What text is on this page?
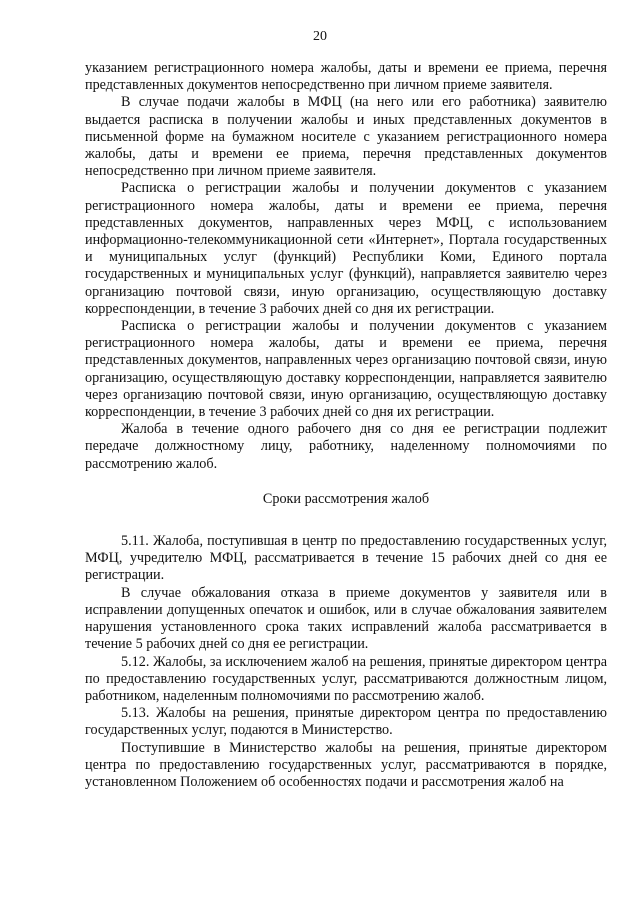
20

указанием регистрационного номера жалобы, даты и времени ее приема, перечня представленных документов непосредственно при личном приеме заявителя.

В случае подачи жалобы в МФЦ (на него или его работника) заявителю выдается расписка в получении жалобы и иных представленных документов в письменной форме на бумажном носителе с указанием регистрационного номера жалобы, даты и времени ее приема, перечня представленных документов непосредственно при личном приеме заявителя.

Расписка о регистрации жалобы и получении документов с указанием регистрационного номера жалобы, даты и времени ее приема, перечня представленных документов, направленных через МФЦ, с использованием информационно-телекоммуникационной сети «Интернет», Портала государственных и муниципальных услуг (функций) Республики Коми, Единого портала государственных и муниципальных услуг (функций), направляется заявителю через организацию почтовой связи, иную организацию, осуществляющую доставку корреспонденции, в течение 3 рабочих дней со дня их регистрации.

Расписка о регистрации жалобы и получении документов с указанием регистрационного номера жалобы, даты и времени ее приема, перечня представленных документов, направленных через организацию почтовой связи, иную организацию, осуществляющую доставку корреспонденции, направляется заявителю через организацию почтовой связи, иную организацию, осуществляющую доставку корреспонденции, в течение 3 рабочих дней со дня их регистрации.

Жалоба в течение одного рабочего дня со дня ее регистрации подлежит передаче должностному лицу, работнику, наделенному полномочиями по рассмотрению жалоб.

Сроки рассмотрения жалоб

5.11. Жалоба, поступившая в центр по предоставлению государственных услуг, МФЦ, учредителю МФЦ, рассматривается в течение 15 рабочих дней со дня ее регистрации.

В случае обжалования отказа в приеме документов у заявителя или в исправлении допущенных опечаток и ошибок, или в случае обжалования заявителем нарушения установленного срока таких исправлений жалоба рассматривается в течение 5 рабочих дней со дня ее регистрации.

5.12. Жалобы, за исключением жалоб на решения, принятые директором центра по предоставлению государственных услуг, рассматриваются должностным лицом, работником, наделенным полномочиями по рассмотрению жалоб.

5.13. Жалобы на решения, принятые директором центра по предоставлению государственных услуг, подаются в Министерство.

Поступившие в Министерство жалобы на решения, принятые директором центра по предоставлению государственных услуг, рассматриваются в порядке, установленном Положением об особенностях подачи и рассмотрения жалоб на
